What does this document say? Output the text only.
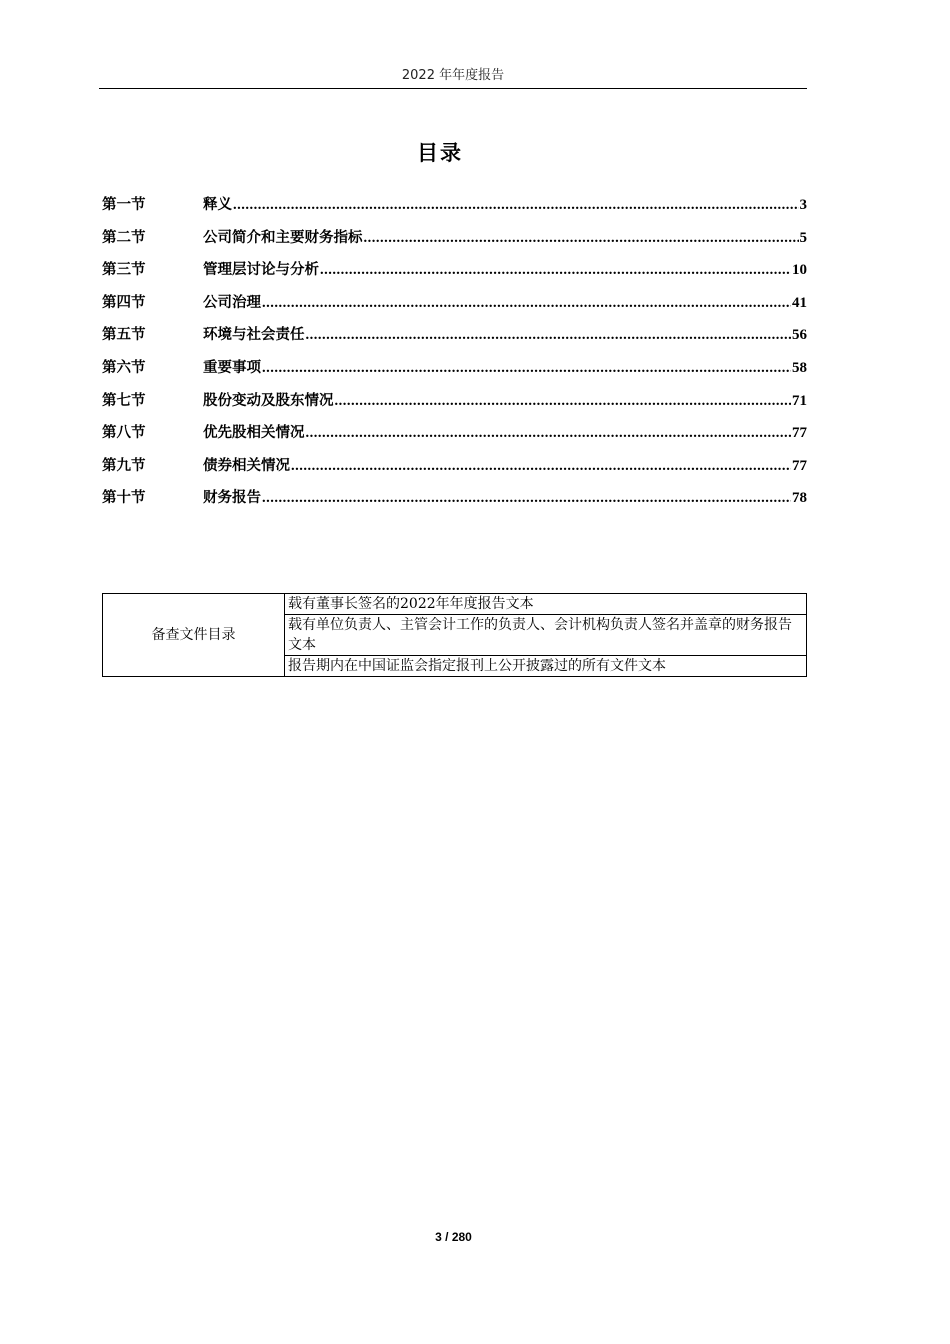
2022 年年度报告
目录
第一节	释义 .....	3
第二节	公司简介和主要财务指标 .....	5
第三节	管理层讨论与分析 .....	10
第四节	公司治理 .....	41
第五节	环境与社会责任 .....	56
第六节	重要事项 .....	58
第七节	股份变动及股东情况 .....	71
第八节	优先股相关情况 .....	77
第九节	债券相关情况 .....	77
第十节	财务报告 .....	78
备查文件目录	载有董事长签名的2022年年度报告文本
载有单位负责人、主管会计工作的负责人、会计机构负责人签名并盖章的财务报告文本
报告期内在中国证监会指定报刊上公开披露过的所有文件文本
3 / 280
